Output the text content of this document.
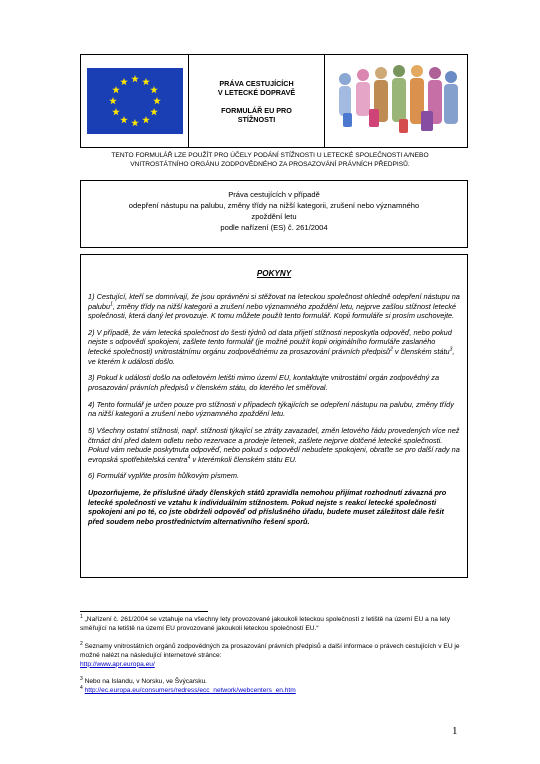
PRÁVA CESTUJÍCÍCH
V LETECKÉ DOPRAVĚ
FORMULÁŘ EU PRO
STÍŽNOSTI
TENTO FORMULÁŘ LZE POUŽÍT PRO ÚČELY PODÁNÍ STÍŽNOSTI U LETECKÉ SPOLEČNOSTI A/NEBO
VNITROSTÁTNÍHO ORGÁNU ZODPOVĚDNÉHO ZA PROSAZOVÁNÍ PRÁVNÍCH PŘEDPISŮ.
Práva cestujících v případě
odepření nástupu na palubu, změny třídy na nižší kategorii, zrušení nebo významného
zpoždění letu
podle nařízení (ES) č. 261/2004
POKYNY

1) Cestující, kteří se domnívají, že jsou oprávněni si stěžovat na leteckou společnost ohledně odepření nástupu na palubu$^1$, změny třídy na nižší kategorii a zrušení nebo významného zpoždění letu, nejprve zašlou stížnost letecké společnosti, která daný let provozuje. K tomu můžete použít tento formulář. Kopii formuláře si prosím uschovejte.

2) V případě, že vám letecká společnost do šesti týdnů od data přijetí stížnosti neposkytla odpověď, nebo pokud nejste s odpovědí spokojeni, zašlete tento formulář (je možné použít kopii originálního formuláře zaslaného letecké společnosti) vnitrostátnímu orgánu zodpovědnému za prosazování právních předpisů$^2$ v členském státu$^3$, ve kterém k události došlo.

3) Pokud k události došlo na odletovém letišti mimo území EU, kontaktujte vnitrostátní orgán zodpovědný za prosazování právních předpisů v členském státu, do kterého let směřoval.

4) Tento formulář je určen pouze pro stížnosti v případech týkajících se odepření nástupu na palubu, změny třídy na nižší kategorii a zrušení nebo významného zpoždění letu.

5) Všechny ostatní stížnosti, např. stížnosti týkající se ztráty zavazadel, změn letového řádu provedených více než čtrnáct dní před datem odletu nebo rezervace a prodeje letenek, zašlete nejprve dotčené letecké společnosti. Pokud vám nebude poskytnuta odpověď, nebo pokud s odpovědí nebudete spokojeni, obraťte se pro další rady na evropská spotřebitelská centra$^4$ v kterémkoli členském státu EU.

6) Formulář vyplňte prosím hůlkovým písmem.

Upozorňujeme, že příslušné úřady členských států zpravidla nemohou přijímat rozhodnutí závazná pro letecké společnosti ve vztahu k individuálním stížnostem. Pokud nejste s reakcí letecké společnosti spokojeni ani po té, co jste obdrželi odpověď od příslušného úřadu, budete muset záležitost dále řešit před soudem nebo prostřednictvím alternativního řešení sporů.

$^1$ „Nařízení č. 261/2004 se vztahuje na všechny lety provozované jakoukoli leteckou společností z letiště na území EU a na lety směřující na letiště na území EU provozované jakoukoli leteckou společností EU.“
$^2$ Seznamy vnitrostátních orgánů zodpovědných za prosazování právních předpisů a další informace o právech cestujících v EU je možné nalézt na následující internetové stránce:
http://www.apr.europa.eu/
$^3$ Nebo na Islandu, v Norsku, ve Švýcarsku.
$^4$ http://ec.europa.eu/consumers/redress/ecc_network/webcenters_en.htm
1
